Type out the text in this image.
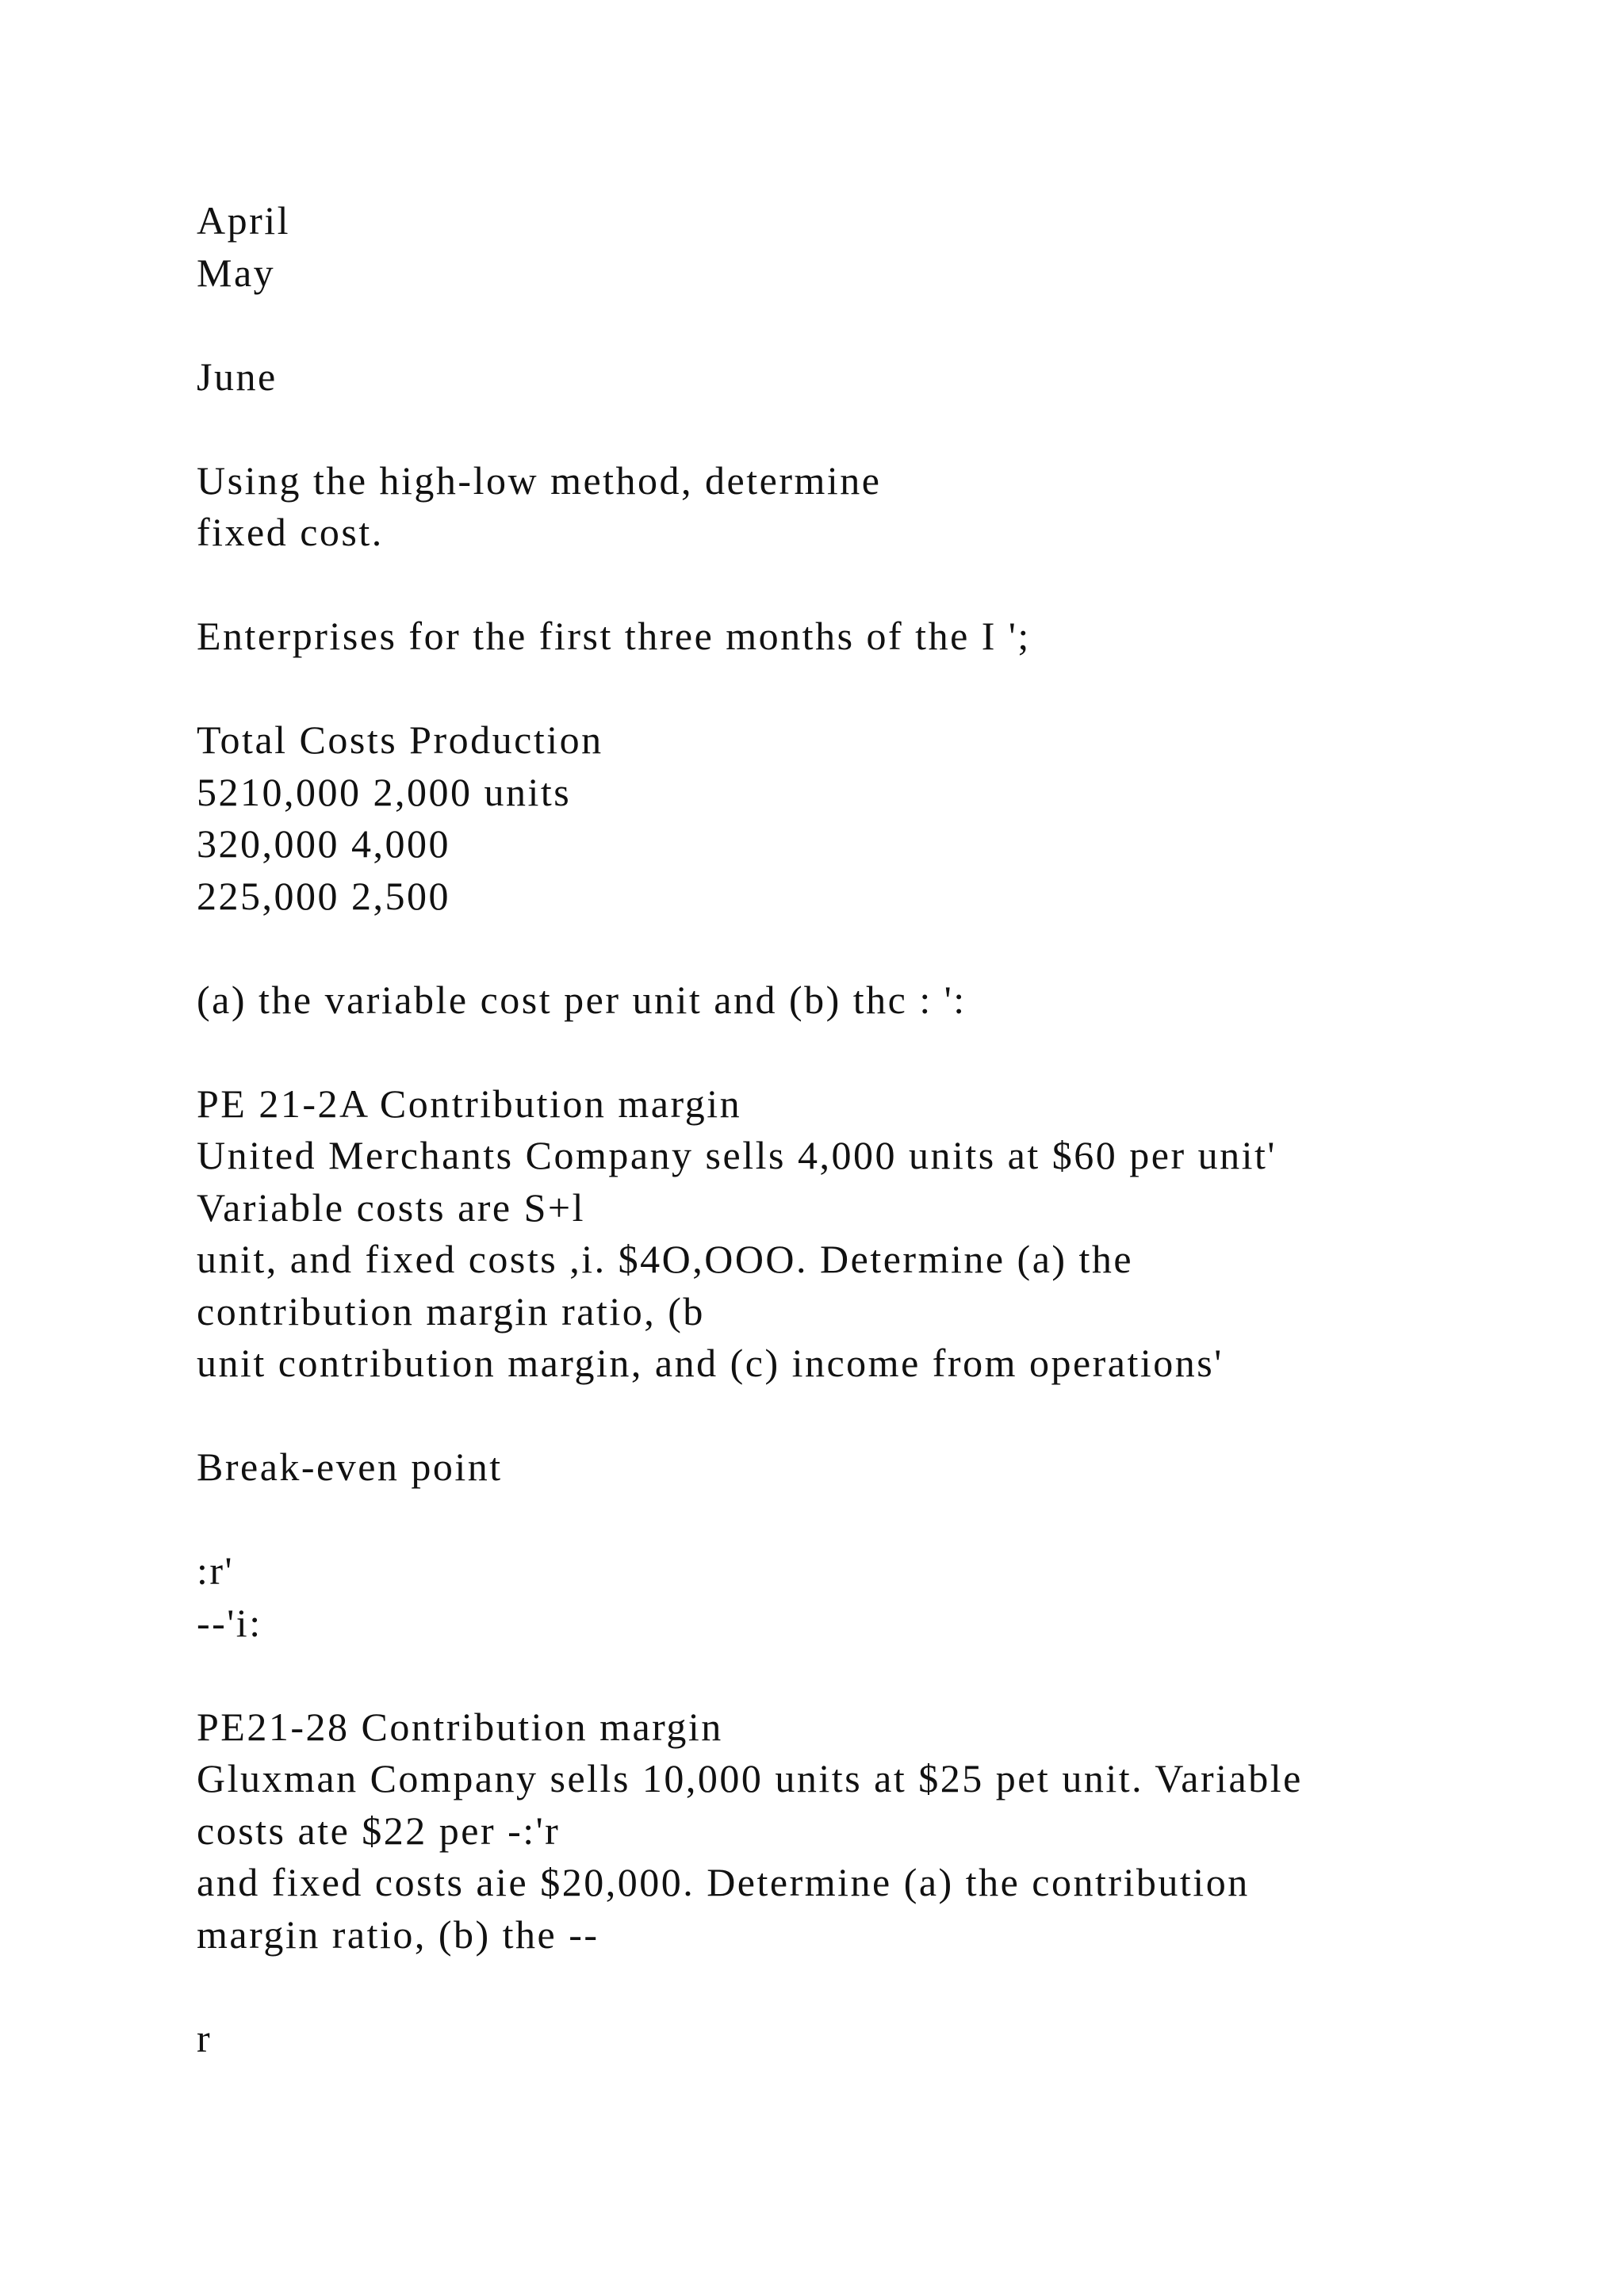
April
May
June
Using the high-low method, determine
fixed cost.
Enterprises for the first three months of the I ';
Total Costs Production
5210,000 2,000 units
320,000 4,000
225,000 2,500
(a) the variable cost per unit and (b) thc : ':
PE 21-2A Contribution margin
United Merchants Company sells 4,000 units at $60 per unit'
Variable costs are S+l
unit, and fixed costs ,i. $4O,OOO. Determine (a) the
contribution margin ratio, (b
unit contribution margin, and (c) income from operations'
Break-even point
:r'
--'i:
PE21-28 Contribution margin
Gluxman Company sells 10,000 units at $25 pet unit. Variable
costs ate $22 per -:'r
and fixed costs aie $20,000. Determine (a) the contribution
margin ratio, (b) the --
r
